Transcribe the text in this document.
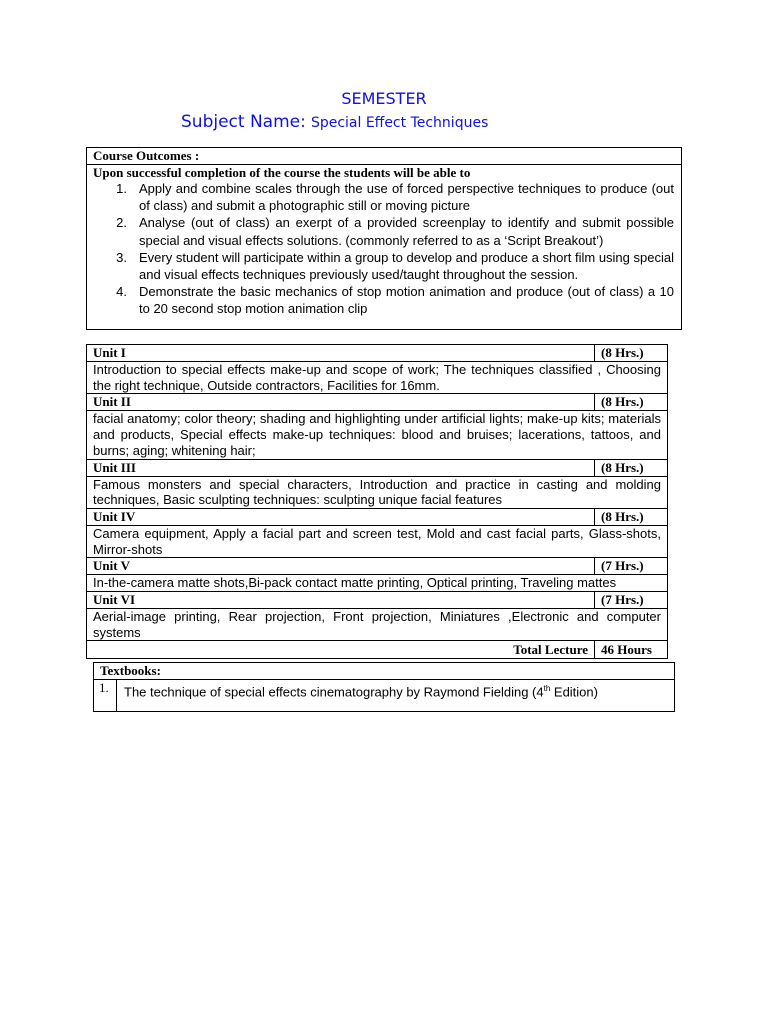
SEMESTER
Subject Name: Special Effect Techniques
Course Outcomes :
Upon successful completion of the course the students will be able to
1. Apply and combine scales through the use of forced perspective techniques to produce (out of class) and submit a photographic still or moving picture
2. Analyse (out of class) an exerpt of a provided screenplay to identify and submit possible special and visual effects solutions. (commonly referred to as a ‘Script Breakout’)
3. Every student will participate within a group to develop and produce a short film using special and visual effects techniques previously used/taught throughout the session.
4. Demonstrate the basic mechanics of stop motion animation and produce (out of class) a 10 to 20 second stop motion animation clip
Unit I	(8 Hrs.)
Introduction to special effects make-up and scope of work; The techniques classified , Choosing the right technique, Outside contractors, Facilities for 16mm.
Unit II	(8 Hrs.)
facial anatomy; color theory; shading and highlighting under artificial lights; make-up kits; materials and products, Special effects make-up techniques: blood and bruises; lacerations, tattoos, and burns; aging; whitening hair;
Unit III	(8 Hrs.)
Famous monsters and special characters, Introduction and practice in casting and molding techniques, Basic sculpting techniques: sculpting unique facial features
Unit IV	(8 Hrs.)
Camera equipment, Apply a facial part and screen test, Mold and cast facial parts, Glass-shots, Mirror-shots
Unit V	(7 Hrs.)
In-the-camera matte shots,Bi-pack contact matte printing, Optical printing, Traveling mattes
Unit VI	(7 Hrs.)
Aerial-image printing, Rear projection, Front projection, Miniatures ,Electronic and computer systems
Total Lecture	46 Hours
Textbooks:
1.	The technique of special effects cinematography by Raymond Fielding (4th Edition)
